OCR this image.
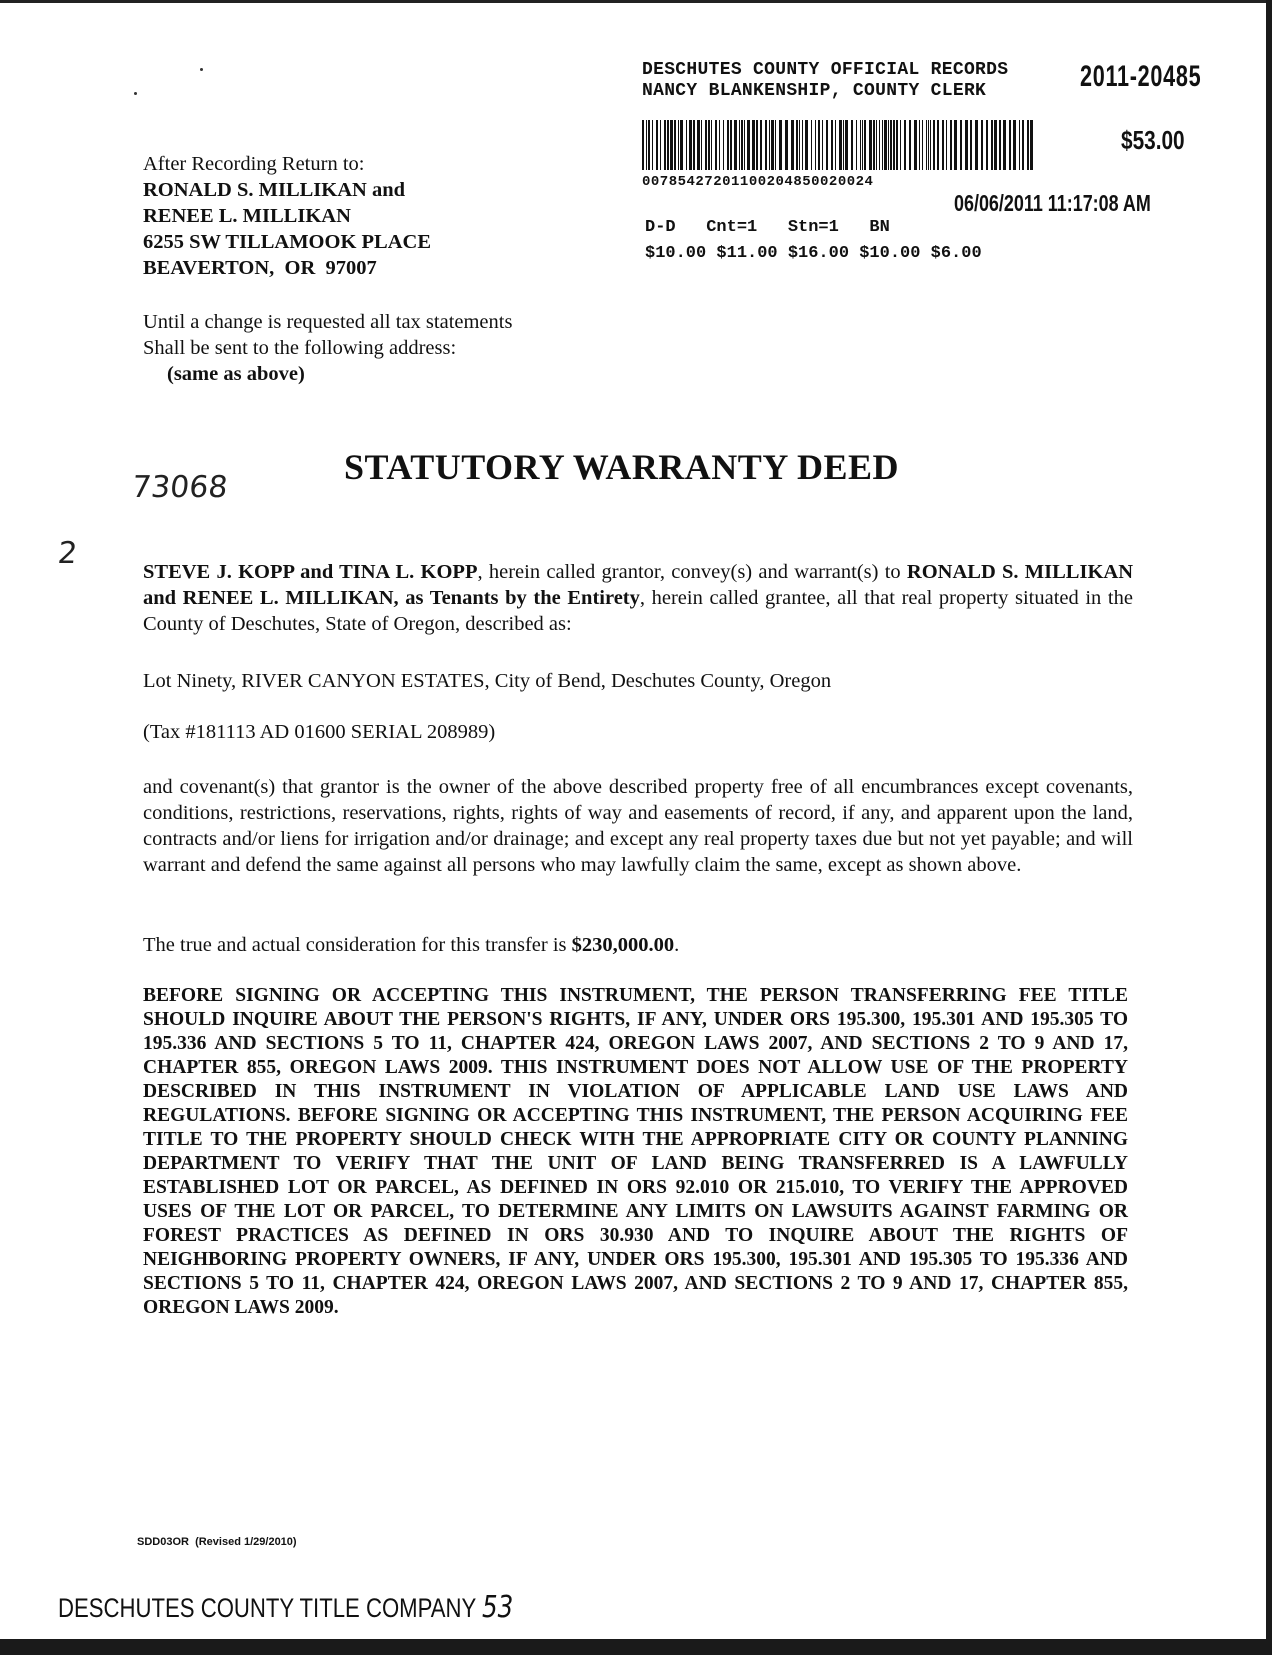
DESCHUTES COUNTY OFFICIAL RECORDS
NANCY BLANKENSHIP, COUNTY CLERK	2011-20485
$53.00
00785427201100204850020024
06/06/2011 11:17:08 AM
D-D   Cnt=1   Stn=1   BN
$10.00 $11.00 $16.00 $10.00 $6.00
After Recording Return to:
RONALD S. MILLIKAN and
RENEE L. MILLIKAN
6255 SW TILLAMOOK PLACE
BEAVERTON,  OR  97007
Until a change is requested all tax statements
Shall be sent to the following address:
(same as above)
73068
2
STATUTORY WARRANTY DEED
STEVE J. KOPP and TINA L. KOPP, herein called grantor, convey(s) and warrant(s) to RONALD S. MILLIKAN and RENEE L. MILLIKAN, as Tenants by the Entirety, herein called grantee, all that real property situated in the County of Deschutes, State of Oregon, described as:
Lot Ninety, RIVER CANYON ESTATES, City of Bend, Deschutes County, Oregon
(Tax #181113 AD 01600 SERIAL 208989)
and covenant(s) that grantor is the owner of the above described property free of all encumbrances except covenants, conditions, restrictions, reservations, rights, rights of way and easements of record, if any, and apparent upon the land, contracts and/or liens for irrigation and/or drainage; and except any real property taxes due but not yet payable; and will warrant and defend the same against all persons who may lawfully claim the same, except as shown above.
The true and actual consideration for this transfer is $230,000.00.
BEFORE SIGNING OR ACCEPTING THIS INSTRUMENT, THE PERSON TRANSFERRING FEE TITLE SHOULD INQUIRE ABOUT THE PERSON'S RIGHTS, IF ANY, UNDER ORS 195.300, 195.301 AND 195.305 TO 195.336 AND SECTIONS 5 TO 11, CHAPTER 424, OREGON LAWS 2007, AND SECTIONS 2 TO 9 AND 17, CHAPTER 855, OREGON LAWS 2009. THIS INSTRUMENT DOES NOT ALLOW USE OF THE PROPERTY DESCRIBED IN THIS INSTRUMENT IN VIOLATION OF APPLICABLE LAND USE LAWS AND REGULATIONS. BEFORE SIGNING OR ACCEPTING THIS INSTRUMENT, THE PERSON ACQUIRING FEE TITLE TO THE PROPERTY SHOULD CHECK WITH THE APPROPRIATE CITY OR COUNTY PLANNING DEPARTMENT TO VERIFY THAT THE UNIT OF LAND BEING TRANSFERRED IS A LAWFULLY ESTABLISHED LOT OR PARCEL, AS DEFINED IN ORS 92.010 OR 215.010, TO VERIFY THE APPROVED USES OF THE LOT OR PARCEL, TO DETERMINE ANY LIMITS ON LAWSUITS AGAINST FARMING OR FOREST PRACTICES AS DEFINED IN ORS 30.930 AND TO INQUIRE ABOUT THE RIGHTS OF NEIGHBORING PROPERTY OWNERS, IF ANY, UNDER ORS 195.300, 195.301 AND 195.305 TO 195.336 AND SECTIONS 5 TO 11, CHAPTER 424, OREGON LAWS 2007, AND SECTIONS 2 TO 9 AND 17, CHAPTER 855, OREGON LAWS 2009.
SDD03OR  (Revised 1/29/2010)
DESCHUTES COUNTY TITLE COMPANY 53
